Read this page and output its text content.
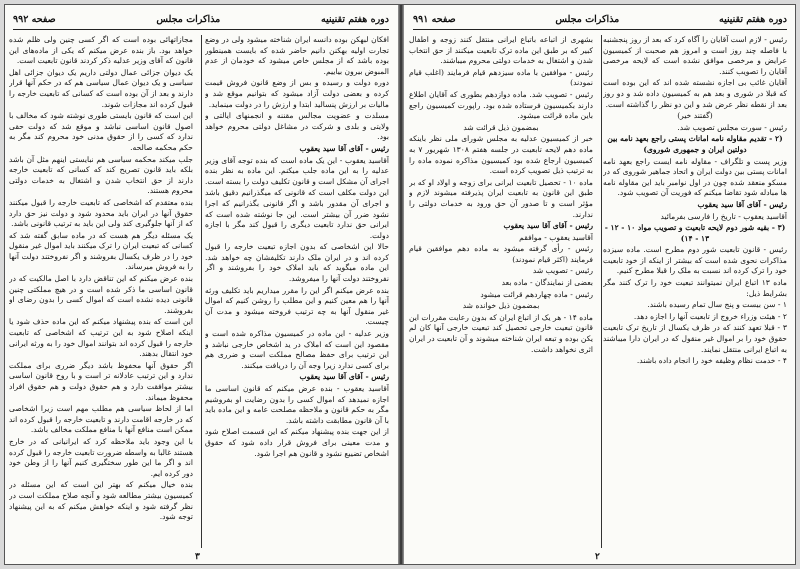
دوره هفتم تقنینیه
مذاکرات مجلس
صفحه ۹۹۲

افکان لبهکن بوده دانسه ایران شناخته میشود ولی در وضع تجارت اولیه بهکنن دانیم حاضر شده که بایست همینطور بوده باشد که از مجلس خاص میشود که خودمان از عدم المبوض بیرون بیاییم.

دوره دولت و رسیده و بس از وضع قانون فروش قیمت کرده و بعضی دولت آزاد میشود که بتوانیم موقع شد و مالیات بر ارزش پنسالید ابتدا و ارزش را در دولت مینماید.

مسلدت و عضویت مجالس مقننه و انجمنهای ایالتی و ولایتی و بلدی و شرکت در مشاغل دولتی محروم خواهد بود.

رئیس - آقای آقا سید یعقوب

آقاسید یعقوب - این یک ماده است که بنده توجه آقای وزیر عدلیه را به این ماده جلب میکنم. این ماده به نظر بنده اجرای آن مشکل است و قانون تکلیف دولت را بسته است.

این دولت مکلف است که قانونی که میگذرانیم دقیق باشد و اجرای آن مقدور باشد و اگر قانونی بگذرانیم که اجرا نشود ضرر آن بیشتر است. این جا نوشته شده است که ایرانی حق ندارد تابعیت دیگری را قبول کند مگر با اجازه دولت.

حالا این اشخاصی که بدون اجازه تبعیت خارجه را قبول کرده اند و در ایران ملک دارند تکلیفشان چه خواهد شد. این ماده میگوید که باید املاک خود را بفروشند و اگر نفروختند دولت آنها را میفروشد.

بنده عرض میکنم اگر این را مقرر میداریم باید تکلیف ورثه آنها را هم معین کنیم و این مطلب را روشن کنیم که اموال غیر منقول آنها به چه ترتیب فروخته میشود و مدت آن چیست.

وزیر عدلیه - این ماده در کمیسیون مذاکره شده است و مقصود این است که املاک در ید اشخاص خارجی نباشد و این ترتیب برای حفظ مصالح مملکت است و ضرری هم برای کسی ندارد زیرا وجه آن را دریافت میکنند.

رئیس - آقای آقا سید یعقوب

آقاسید یعقوب - بنده عرض میکنم که قانون اساسی ما اجازه نمیدهد که اموال کسی را بدون رضایت او بفروشیم مگر به حکم قانون و ملاحظه مصلحت عامه و این ماده باید با آن قانون مطابقت داشته باشد.

از این جهت بنده پیشنهاد میکنم که این قسمت اصلاح شود و مدت معینی برای فروش قرار داده شود که حقوق اشخاص تضییع نشود و قانون هم اجرا شود.

مجازاتهائی بوده است که اگر کسی چنین ولی ظلم شده خواهد بود. باز بنده عرض میکنم که یکی از ماده‌های این قانون که آقای وزیر عدلیه ذکر کردند قانون تابعیت است.

یک دیوان جزائی عمال دولتی داریم یک دیوان جزائی اهل سیاسی و یک دیوان عمال سیاسی هم که در حکم آنها قرار دارند و بعد از آن بوده است که کسانی که تابعیت خارجه را قبول کرده اند مجازات شوند.

این است که قانون بایستی طوری نوشته شود که مخالف با اصول قانون اساسی نباشد و موقع شد که دولت حقی ندارد که کسی را از حقوق مدنی خود محروم کند مگر به حکم محکمه صالحه.

جلب میکند محکمه سیاسی هم نبایستی اینهم مثل آن باشد بلکه باید قانون تصریح کند که کسانی که تابعیت خارجه دارند از حق انتخاب شدن و اشتغال به خدمات دولتی محروم هستند.

بنده معتقدم که اشخاصی که تابعیت خارجه را قبول میکنند حقوق آنها در ایران باید محدود شود و دولت نیز حق دارد که از آنها جلوگیری کند ولی این باید به ترتیب قانونی باشد.

یک مسئله دیگر هم هست که در ماده سابق گفته شد که کسانی که تبعیت ایران را ترک میکنند باید اموال غیر منقول خود را در ظرف یکسال بفروشند و اگر نفروختند دولت آنها را به فروش میرساند.

بنده عرض میکنم که این تناقض دارد با اصل مالکیت که در قانون اساسی ما ذکر شده است و در هیچ مملکتی چنین قانونی دیده نشده است که اموال کسی را بدون رضای او بفروشند.

این است که بنده پیشنهاد میکنم که این ماده حذف شود یا اینکه اصلاح شود به این ترتیب که اشخاصی که تابعیت خارجه را قبول کرده اند بتوانند اموال خود را به ورثه ایرانی خود انتقال بدهند.

اگر حقوق آنها محفوظ باشد دیگر ضرری برای مملکت ندارد و این ترتیب عادلانه تر است و با روح قانون اساسی بیشتر موافقت دارد و هم حقوق دولت و هم حقوق افراد محفوظ میماند.

اما از لحاظ سیاسی هم مطلب مهم است زیرا اشخاصی که در خارجه اقامت دارند و تابعیت خارجه را قبول کرده اند ممکن است منافع آنها با منافع مملکت مخالف باشد.

با این وجود باید ملاحظه کرد که ایرانیانی که در خارج هستند غالبا به واسطه ضرورت تابعیت خارجه را قبول کرده اند و اگر ما این طور سختگیری کنیم آنها را از وطن خود دور کرده ایم.

بنده خیال میکنم که بهتر این است که این مسئله در کمیسیون بیشتر مطالعه شود و آنچه صلاح مملکت است در نظر گرفته شود و اینکه خواهش میکنم که به این پیشنهاد توجه شود.

۳
دوره هفتم تقنینیه
مذاکرات مجلس
صفحه ۹۹۱

رئیس - لازم است آقایان را آگاه کرد که بعد از روز پنجشنبه با فاصله چند روز است و امروز هم صحبت از کمیسیون عرایض و مرخصی موافق نشده است که لایحه مرخصی آقایان را تصویب کنند.

آقایان غائب بی اجازه نشسته شده اند که این بوده است که قبلا در شوری و بعد هم به کمیسیون داده شد و دو روز بعد از نقطه نظر عرض شد و این دو نظر را گذاشته است.

(گفتند خیر)

رئیس - سورت مجلس تصویب شد.

(۲ - تقدیم مقاوله نامه امانات پستی راجع بعهد نامه بین دولتین ایران و جمهوری شوروی)

وزیر پست و تلگراف - مقاوله نامه ایست راجع بعهد نامه امانات پستی بین دولت ایران و اتحاد جماهیر شوروی که در مسکو منعقد شده چون در اول نوامبر باید این مقاوله نامه ها مبادله شود تقاضا میکنم که فوریت آن تصویب شود.

رئیس - آقای آقا سید یعقوب

آقاسید یعقوب - تاریخ را فارسی بفرمائید

(۳ - بقیه شور دوم لایحه تابعیت و تصویب مواد ۱۰ - ۱۲ - ۱۳ - ۱۴)

رئیس - قانون تابعیت شور دوم مطرح است. ماده سیزده مذاکرات نحوی شده است که بیشتر از اینکه از خود تابعیت خود را ترک کرده اند نسبت به ملک را قبلا مطرح کنیم.

ماده ۱۳ اتباع ایران نمیتوانند تبعیت خود را ترک کنند مگر بشرایط ذیل:

۱ - سن بیست و پنج سال تمام رسیده باشند.

۲ - هیئت وزراء خروج از تابعیت آنها را اجازه دهد.

۳ - قبلا تعهد کنند که در ظرف یکسال از تاریخ ترک تابعیت حقوق خود را بر اموال غیر منقول که در ایران دارا میباشند به اتباع ایرانی منتقل نمایند.

۴ - خدمت نظام وظیفه خود را انجام داده باشند.

بشهری از اتباعه باتباع ایرانی منتقل کنند زوجه و اطفال کبیر که بر طبق این ماده ترک تابعیت میکنند از حق انتخاب شدن و اشتغال به خدمات دولتی محروم میباشند.

رئیس - موافقین با ماده سیزدهم قیام فرمایند (اغلب قیام نمودند)

رئیس - تصویب شد. ماده دوازدهم بطوری که آقایان اطلاع دارند بکمیسیون فرستاده شده بود. راپورت کمیسیون راجع باین ماده قرائت میشود.

بمضمون ذیل قرائت شد

خبر از کمیسیون عدلیه به مجلس شورای ملی نظر باینکه ماده دهم لایحه تابعیت در جلسه هفتم ۱۳۰۸ شهریور ۷ به کمیسیون ارجاع شده بود کمیسیون مذاکره نموده ماده را به ترتیب ذیل تصویب کرده است.

ماده ۱۰ - تحصیل تابعیت ایرانی برای زوجه و اولاد او که بر طبق این قانون به تابعیت ایران پذیرفته میشوند لازم و مؤثر است و تا صدور آن حق ورود به خدمات دولتی را ندارند.

رئیس - آقای آقا سید یعقوب

آقاسید یعقوب - موافقم

رئیس - رأی گرفته میشود به ماده دهم موافقین قیام فرمایند (اکثر قیام نمودند)

رئیس - تصویب شد

بعضی از نمایندگان - ماده بعد

رئیس - ماده چهاردهم قرائت میشود

بمضمون ذیل خوانده شد

ماده ۱۴ - هر یک از اتباع ایران که بدون رعایت مقررات این قانون تبعیت خارجی تحصیل کند تبعیت خارجی آنها کان لم یکن بوده و تبعه ایران شناخته میشوند و آن تابعیت در ایران اثری نخواهد داشت.

۲
